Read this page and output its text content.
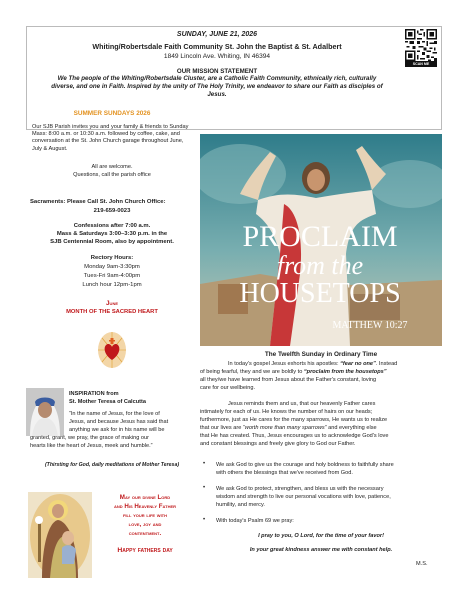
SUNDAY, JUNE 21, 2026
Whiting/Robertsdale Faith Community St. John the Baptist & St. Adalbert
1849 Lincoln Ave. Whiting, IN 46394
OUR MISSION STATEMENT
We The people of the Whiting/Robertsdale Cluster, are a Catholic Faith Community, ethnically rich, culturally diverse, and one in Faith. Inspired by the unity of The Holy Trinity, we endeavor to share our Faith as disciples of Jesus.
SCAN ME
SUMMER SUNDAYS 2026
Our SJB Parish invites you and your family & friends to Sunday Mass: 8:00 a.m. or 10:30 a.m. followed by coffee, cake, and conversation at the St. John Church garage throughout June, July & August.
All are welcome.
Questions, call the parish office
Sacraments: Please Call St. John Church Office:
219-659-0023
Confessions after 7:00 a.m.
Mass & Saturdays 3:00–3:30 p.m. in the
SJB Centennial Room, also by appointment.
Rectory Hours:
Monday 9am-3:30pm
Tues-Fri 9am-4:00pm
Lunch hour 12pm-1pm
June
MONTH OF THE SACRED HEART
INSPIRATION from
St. Mother Teresa of Calcutta
“In the name of Jesus, for the love of
Jesus, and because Jesus has said that
anything we ask for in his name will be
granted, grant, we pray, the grace of making our
hearts like the heart of Jesus, meek and humble.”
(Thirsting for God, daily meditations of Mother Teresa)
May our divine Lord
and His Heavenly Father
fill your life with
love, joy and
contentment.
Happy fathers day
PROCLAIM
from the
HOUSETOPS
MATTHEW 10:27
The Twelfth Sunday in Ordinary Time
In today's gospel Jesus exhorts his apostles: “fear no one”. Instead
of being fearful, they and we are boldly to “proclaim from the housetops”
all they/we have learned from Jesus about the Father's constant, loving
care for our wellbeing.
Jesus reminds them and us, that our heavenly Father cares
intimately for each of us. He knows the number of hairs on our heads;
furthermore, just as He cares for the many sparrows, He wants us to realize
that our lives are “worth more than many sparrows” and everything else
that He has created. Thus, Jesus encourages us to acknowledge God's love
and constant blessings and freely give glory to God our Father.
• We ask God to give us the courage and holy boldness to faithfully share
with others the blessings that we've received from God.
• We ask God to protect, strengthen, and bless us with the necessary
wisdom and strength to live our personal vocations with love, patience,
humility, and mercy.
• With today's Psalm 69 we pray:
I pray to you, O Lord, for the time of your favor!
In your great kindness answer me with constant help.
M.S.
